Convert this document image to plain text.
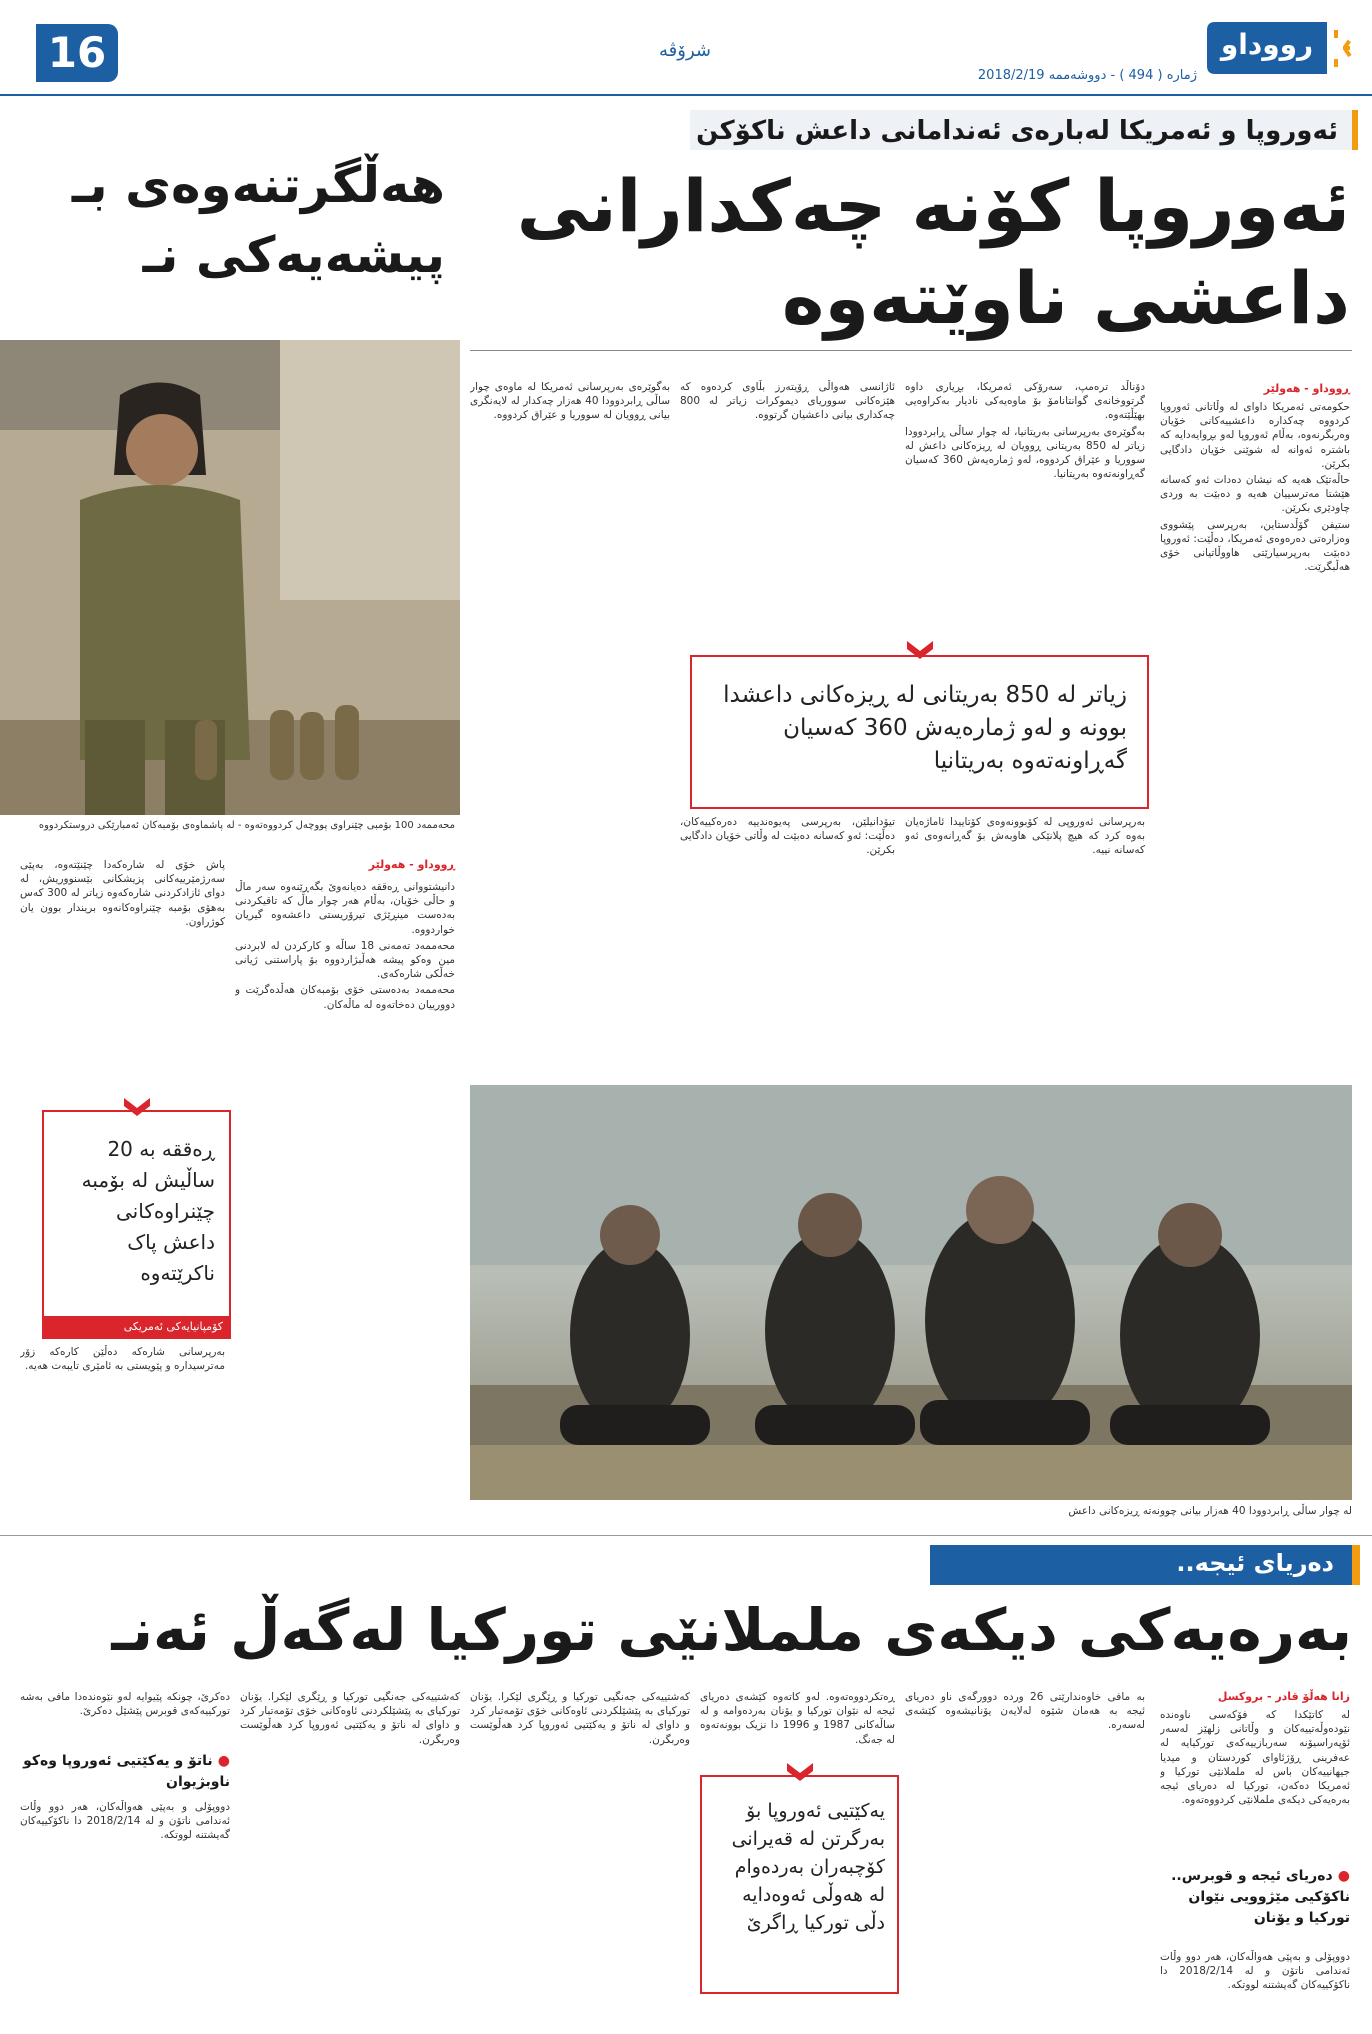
رووداو
ژمارە ( 494 ) - دووشەممە 2018/2/19
شرۆڤە
16
ئەوروپا و ئەمریکا لەبارەی ئەندامانی داعش ناکۆکن
ئەوروپا کۆنە چەکدارانی
داعشی ناوێتەوە
ڕووداو - هەولێر

حکومەتی ئەمریکا داوای لە وڵاتانی ئەوروپا کردووە چەکدارە داعشییەکانی خۆیان وەربگرنەوە، بەڵام ئەوروپا لەو بڕوایەدایە کە باشترە ئەوانە لە شوێنی خۆیان دادگایی بکرێن.

حاڵەتێک هەیە کە نیشان دەدات ئەو کەسانە هێشتا مەترسییان هەیە و دەبێت بە وردی چاودێری بکرێن.

ستیفن گۆڵدستاین، بەرپرسی پێشووی وەزارەتی دەرەوەی ئەمریکا، دەڵێت: ئەوروپا دەبێت بەرپرسیارێتی هاووڵاتیانی خۆی هەڵبگرێت.

دۆناڵد ترەمپ، سەرۆکی ئەمریکا، بڕیاری داوە گرتووخانەی گوانتانامۆ بۆ ماوەیەکی نادیار بەکراوەیی بهێڵێتەوە.

بەگوێرەی بەرپرسانی بەریتانیا، لە چوار ساڵی ڕابردوودا زیاتر لە 850 بەریتانی ڕوویان لە ڕیزەکانی داعش لە سووریا و عێراق کردووە، لەو ژمارەیەش 360 کەسیان گەڕاونەتەوە بەریتانیا.

ئاژانسی هەواڵی ڕۆیتەرز بڵاوی کردەوە کە هێزەکانی سووریای دیموکرات زیاتر لە 800 چەکداری بیانی داعشیان گرتووە.

بەگوێرەی بەرپرسانی ئەمریکا لە ماوەی چوار ساڵی ڕابردوودا 40 هەزار چەکدار لە لایەنگری بیانی ڕوویان لە سووریا و عێراق کردووە.

زیاتر لە 850 بەریتانی لە ڕیزەکانی داعشدا بوونە و لەو ژمارەیەش 360 کەسیان گەڕاونەتەوە بەریتانیا

بەرپرسانی ئەوروپی لە کۆبوونەوەی کۆتاییدا ئاماژەیان بەوە کرد کە هیچ پلانێکی هاوبەش بۆ گەڕانەوەی ئەو کەسانە نییە.

تیۆدانیلێن، بەرپرسی پەیوەندییە دەرەکییەکان، دەڵێت: ئەو کەسانە دەبێت لە وڵاتی خۆیان دادگایی بکرێن.

لە چوار ساڵی ڕابردوودا 40 هەزار بیانی چوونەتە ڕیزەکانی داعش
هەڵگرتنەوەی بـ
پیشەیەکی نـ
محەممەد 100 بۆمبی چێنراوی پووچەڵ کردووەتەوە - لە پاشماوەی بۆمبەکان ئەمبارێکی دروستکردووە
ڕووداو - هەولێر

دانیشتووانی ڕەققە دەیانەوێ بگەڕێنەوە سەر ماڵ و حاڵی خۆیان، بەڵام هەر چوار ماڵ کە تاقیکردنی بەدەست مینڕێژی تیرۆریستی داعشەوە گیریان خواردووە.

محەممەد تەمەنی 18 ساڵە و کارکردن لە لابردنی مین وەکو پیشە هەڵبژاردووە بۆ پاراستنی ژیانی خەڵکی شارەکەی.

محەممەد بەدەستی خۆی بۆمبەکان هەڵدەگرێت و دوورییان دەخاتەوە لە ماڵەکان.

پاش خۆی لە شارەکەدا چێنێتەوە، بەپێی سەرژمێرییەکانی پزیشکانی بێسنووریش، لە دوای ئازادکردنی شارەکەوە زیاتر لە 300 کەس بەهۆی بۆمبە چێنراوەکانەوە بریندار بوون یان کوژراون.

ڕەققە بە 20 ساڵیش لە بۆمبە چێنراوەکانی داعش پاک ناکرێتەوە
کۆمپانیایەکی ئەمریکی

بەرپرسانی شارەکە دەڵێن کارەکە زۆر مەترسیدارە و پێویستی بە ئامێری تایبەت هەیە.

دەریای ئیجە..
بەرەیەکی دیکەی ململانێی تورکیا لەگەڵ ئەنـ
زانا هەڵۆ قادر - بروکسل

لە کاتێکدا کە فۆکەسی ناوەندە نێودەوڵەتییەکان و وڵاتانی زلهێز لەسەر ئۆپەراسیۆنە سەربازییەکەی تورکیایە لە عەفرینی ڕۆژئاوای کوردستان و میدیا جیهانییەکان باس لە ململانێی تورکیا و ئەمریکا دەکەن، تورکیا لە دەریای ئیجە بەرەیەکی دیکەی ململانێی کردووەتەوە.

● دەریای ئیجە و قوبرس.. ناکۆکیی مێژوویی نێوان تورکیا و یۆنان

دووپۆلی و بەپێی هەواڵەکان، هەر دوو وڵات ئەندامی ناتۆن و لە 2018/2/14 دا ناکۆکییەکان گەیشتنە لووتکە.

بە مافی خاوەندارێتی 26 وردە دوورگەی ناو دەریای ئیجە بە هەمان شێوە لەلایەن یۆنانیشەوە کێشەی لەسەرە.

ڕەتکردووەتەوە. لەو کاتەوە کێشەی دەریای ئیجە لە نێوان تورکیا و یۆنان بەردەوامە و لە ساڵەکانی 1987 و 1996 دا نزیک بوونەتەوە لە جەنگ.

یەکێتیی ئەوروپا بۆ بەرگرتن لە قەیرانی کۆچبەران بەردەوام لە هەوڵی ئەوەدایە دڵی تورکیا ڕاگرێ

کەشتییەکی جەنگیی تورکیا و ڕێگری لێکرا. یۆنان تورکیای بە پێشێلکردنی ئاوەکانی خۆی تۆمەتبار کرد و داوای لە ناتۆ و یەکێتیی ئەوروپا کرد هەڵوێست وەربگرن.

کەشتییەکی جەنگیی تورکیا و ڕێگری لێکرا. یۆنان تورکیای بە پێشێلکردنی ئاوەکانی خۆی تۆمەتبار کرد و داوای لە ناتۆ و یەکێتیی ئەوروپا کرد هەڵوێست وەربگرن.

دەکرێ، چونکە پێیوایە لەو نێوەندەدا مافی بەشە تورکییەکەی قوبرس پێشێل دەکرێ.

● ناتۆ و یەکێتیی ئەوروپا وەکو ناوبژیوان

دووپۆلی و بەپێی هەواڵەکان، هەر دوو وڵات ئەندامی ناتۆن و لە 2018/2/14 دا ناکۆکییەکان گەیشتنە لووتکە.
